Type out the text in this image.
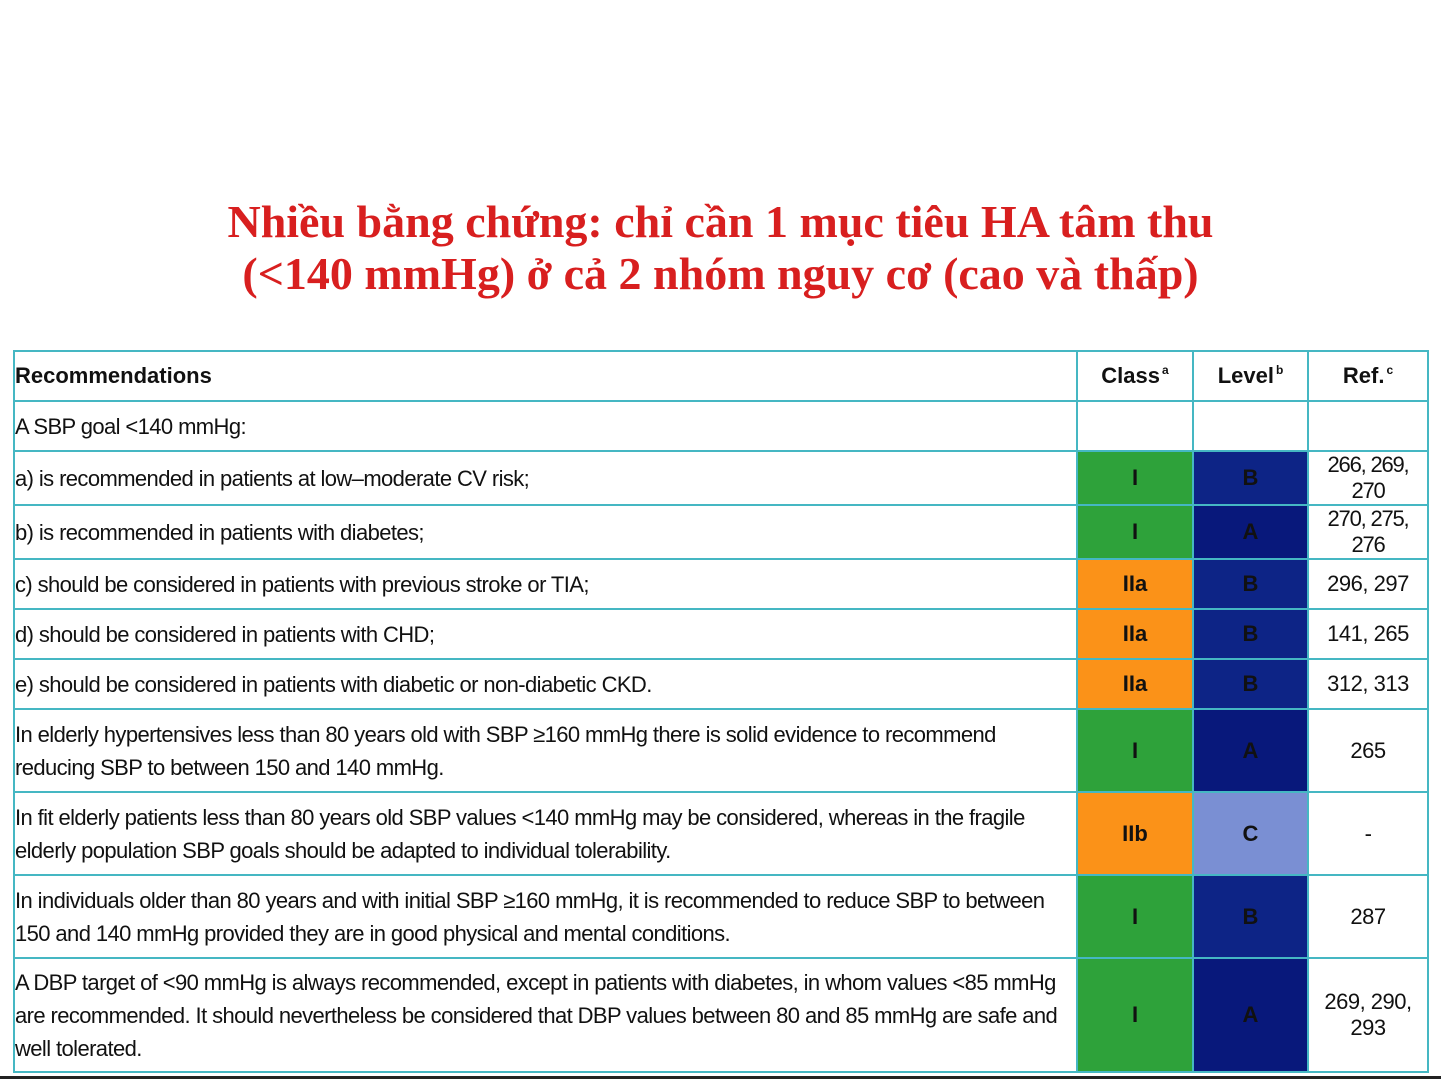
Nhiều bằng chứng: chỉ cần 1 mục tiêu HA tâm thu
(<140 mmHg) ở cả 2 nhóm nguy cơ (cao và thấp)
Recommendations	Class $^a$	Level $^b$	Ref. $^c$
A SBP goal <140 mmHg:			
a) is recommended in patients at low–moderate CV risk;	I	B	266, 269, 270
b) is recommended in patients with diabetes;	I	A	270, 275, 276
c) should be considered in patients with previous stroke or TIA;	IIa	B	296, 297
d) should be considered in patients with CHD;	IIa	B	141, 265
e) should be considered in patients with diabetic or non-diabetic CKD.	IIa	B	312, 313
In elderly hypertensives less than 80 years old with SBP ≥160 mmHg there is solid evidence to recommend reducing SBP to between 150 and 140 mmHg.	I	A	265
In fit elderly patients less than 80 years old SBP values <140 mmHg may be considered, whereas in the fragile elderly population SBP goals should be adapted to individual tolerability.	IIb	C	-
In individuals older than 80 years and with initial SBP ≥160 mmHg, it is recommended to reduce SBP to between 150 and 140 mmHg provided they are in good physical and mental conditions.	I	B	287
A DBP target of <90 mmHg is always recommended, except in patients with diabetes, in whom values <85 mmHg are recommended. It should nevertheless be considered that DBP values between 80 and 85 mmHg are safe and well tolerated.	I	A	269, 290, 293
